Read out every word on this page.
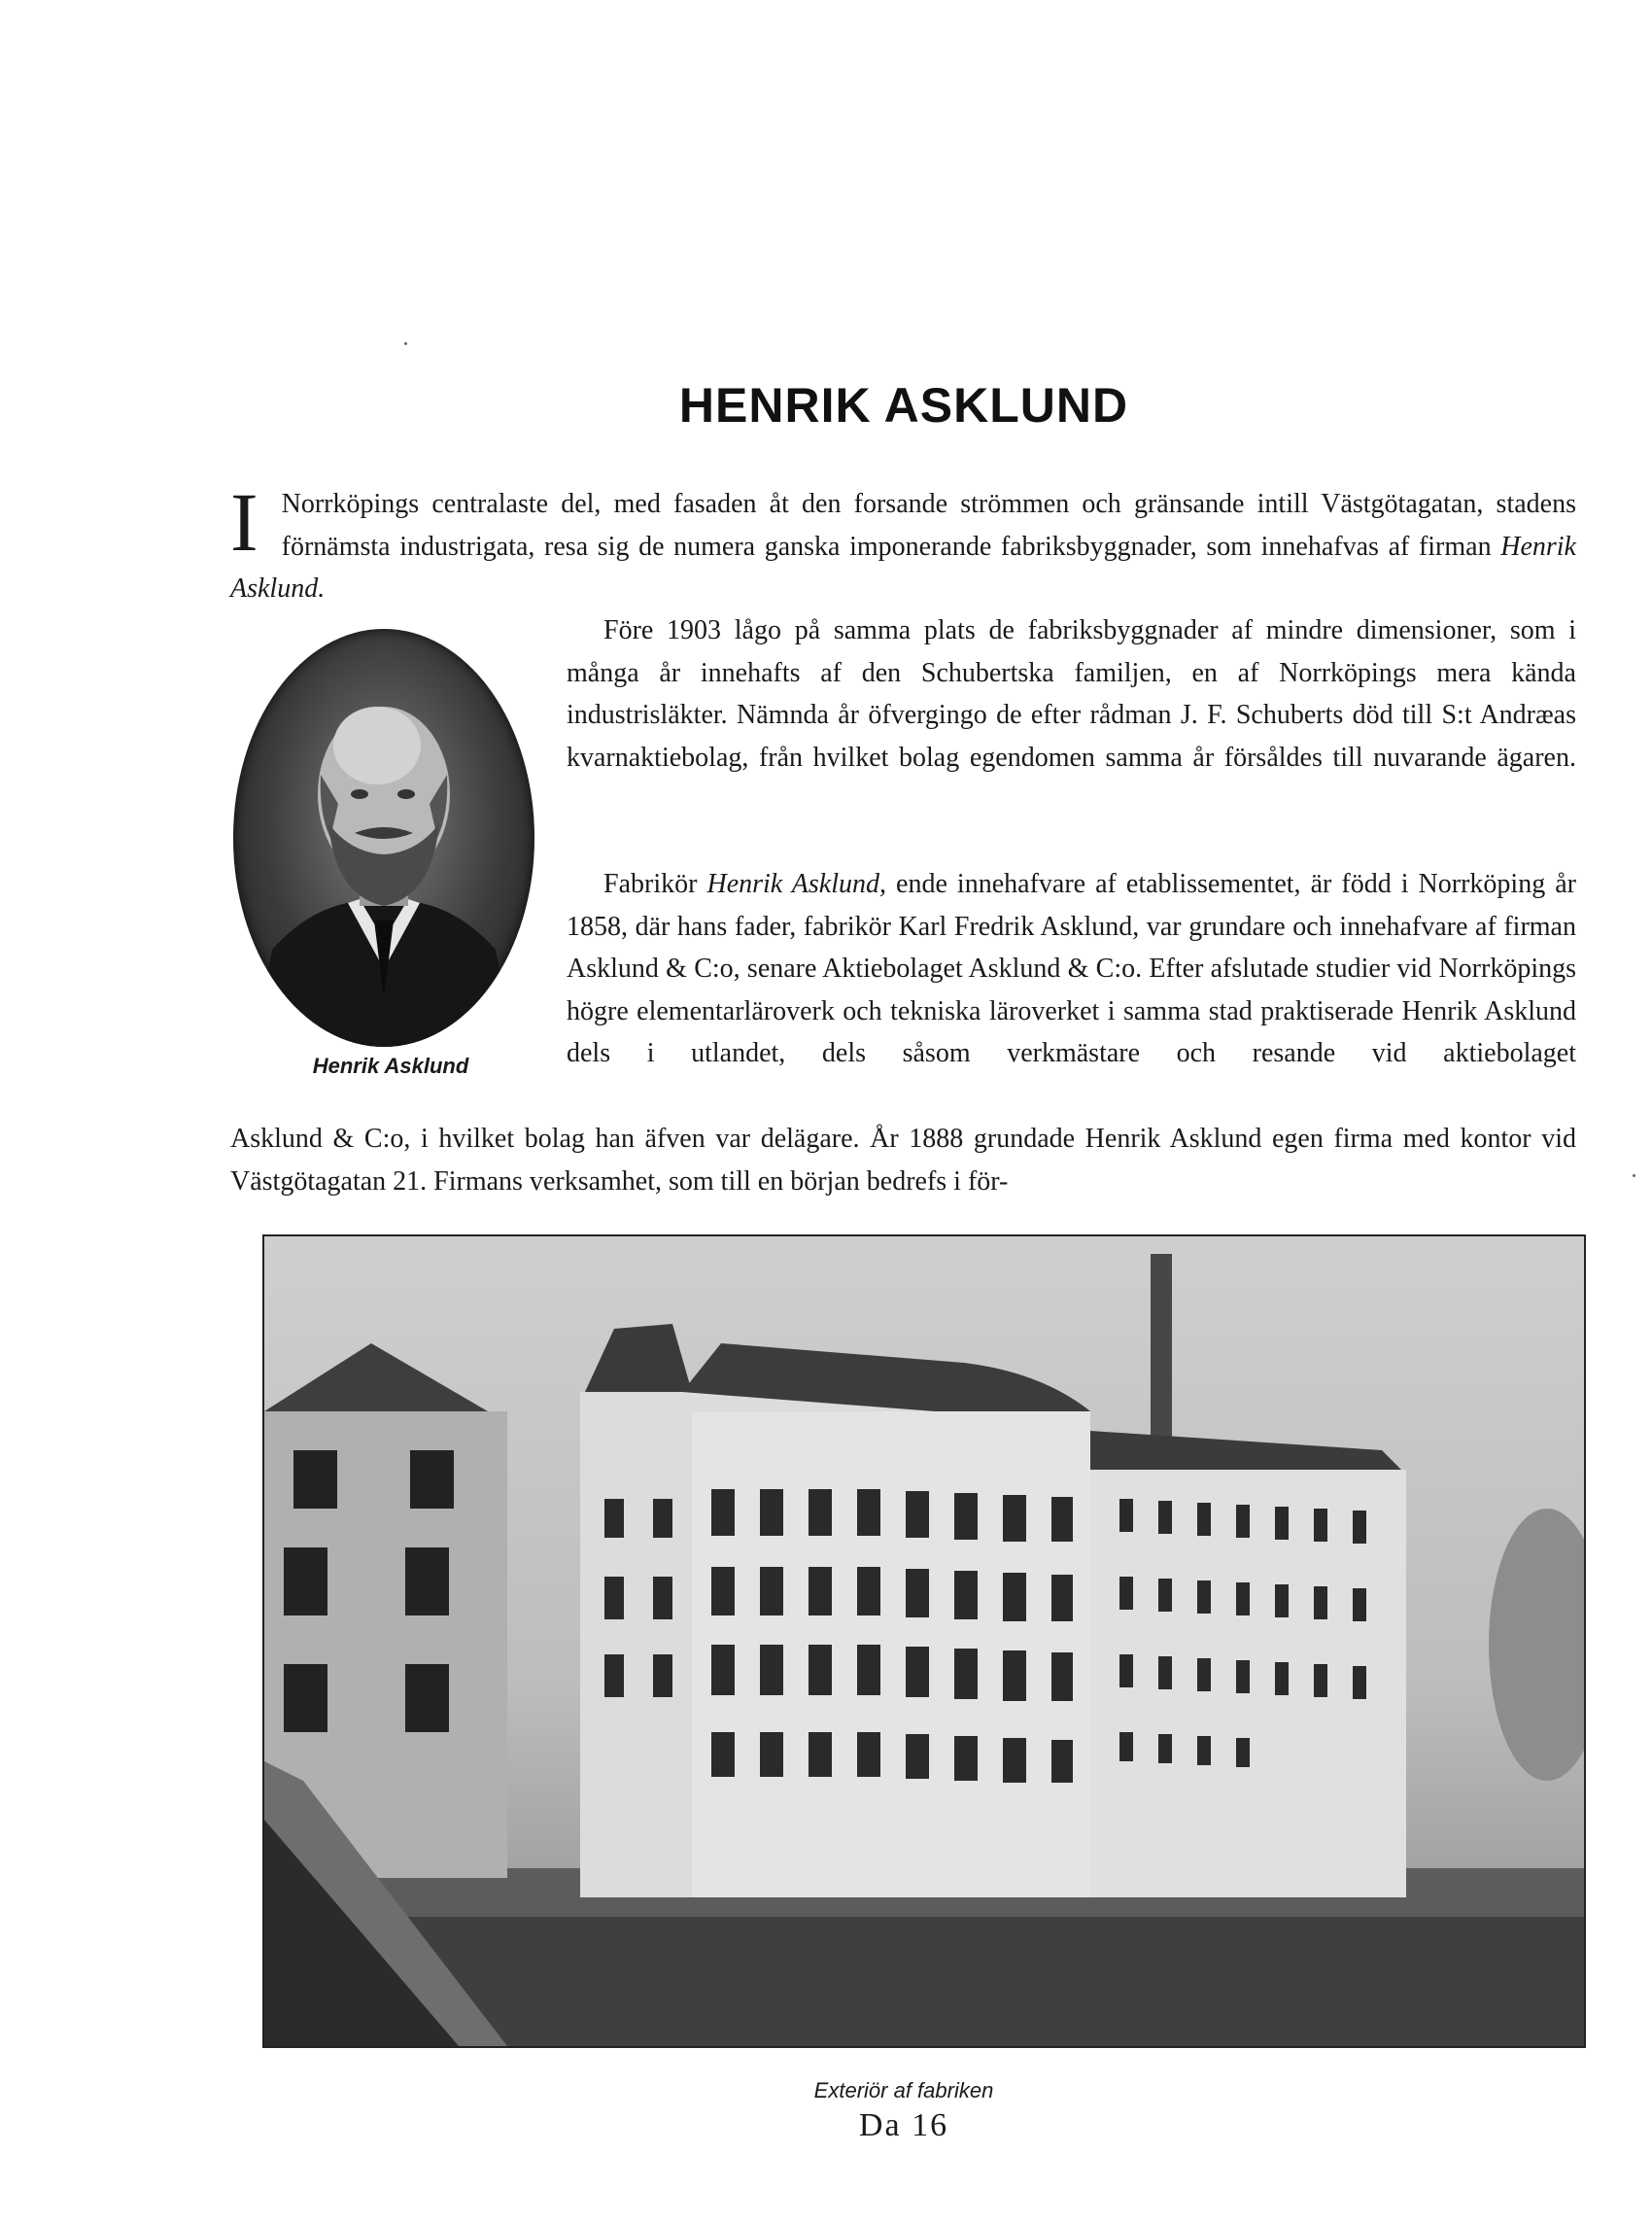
HENRIK ASKLUND

I Norrköpings centralaste del, med fasaden åt den forsande strömmen och gränsande intill Västgötagatan, stadens förnämsta industrigata, resa sig de numera ganska imponerande fabriksbyggnader, som innehafvas af firman Henrik Asklund.

Henrik Asklund

Före 1903 lågo på samma plats de fabriksbyggnader af mindre dimensioner, som i många år innehafts af den Schubertska familjen, en af Norrköpings mera kända industrisläkter. Nämnda år öfvergingo de efter rådman J. F. Schuberts död till S:t Andræas kvarnaktiebolag, från hvilket bolag egendomen samma år försåldes till nuvarande ägaren.

Fabrikör Henrik Asklund, ende innehafvare af etablissementet, är född i Norrköping år 1858, där hans fader, fabrikör Karl Fredrik Asklund, var grundare och innehafvare af firman Asklund & C:o, senare Aktiebolaget Asklund & C:o. Efter afslutade studier vid Norrköpings högre elementarläroverk och tekniska läroverket i samma stad praktiserade Henrik Asklund dels i utlandet, dels såsom verkmästare och resande vid aktiebolaget

Asklund & C:o, i hvilket bolag han äfven var delägare. År 1888 grundade Henrik Asklund egen firma med kontor vid Västgötagatan 21. Firmans verksamhet, som till en början bedrefs i för-

Exteriör af fabriken
Da 16
